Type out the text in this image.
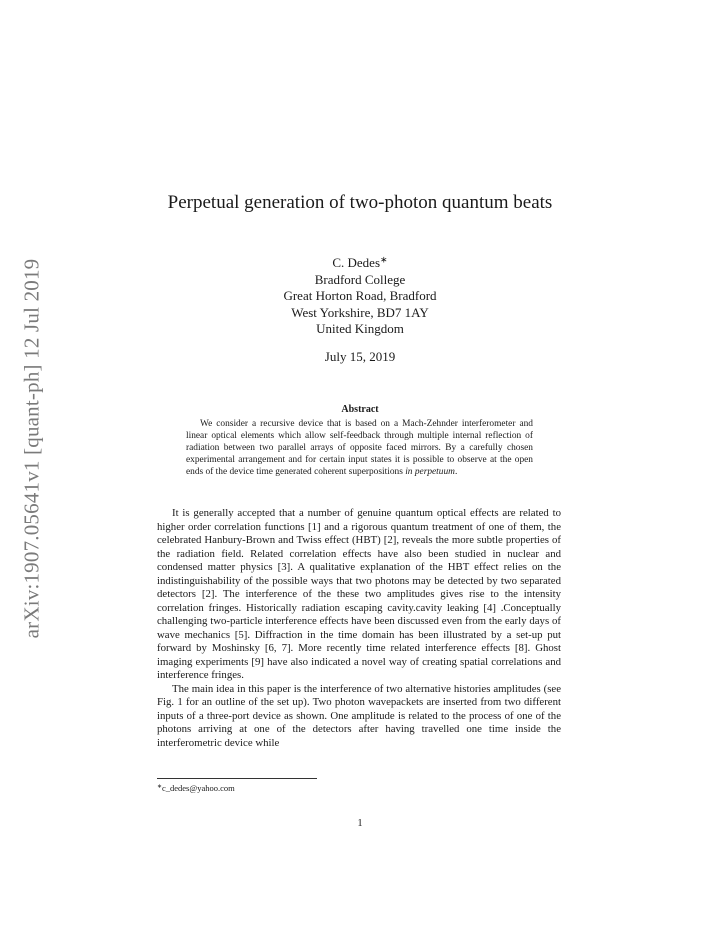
arXiv:1907.05641v1 [quant-ph] 12 Jul 2019
Perpetual generation of two-photon quantum beats
C. Dedes∗
Bradford College
Great Horton Road, Bradford
West Yorkshire, BD7 1AY
United Kingdom
July 15, 2019
Abstract
We consider a recursive device that is based on a Mach-Zehnder interferometer and linear optical elements which allow self-feedback through multiple internal reflection of radiation between two parallel arrays of opposite faced mirrors. By a carefully chosen experimental arrangement and for certain input states it is possible to observe at the open ends of the device time generated coherent superpositions in perpetuum.

It is generally accepted that a number of genuine quantum optical effects are related to higher order correlation functions [1] and a rigorous quantum treatment of one of them, the celebrated Hanbury-Brown and Twiss effect (HBT) [2], reveals the more subtle properties of the radiation field. Related correlation effects have also been studied in nuclear and condensed matter physics [3]. A qualitative explanation of the HBT effect relies on the indistinguishability of the possible ways that two photons may be detected by two separated detectors [2]. The interference of the these two amplitudes gives rise to the intensity correlation fringes. Historically radiation escaping cavity.cavity leaking [4] .Conceptually challenging two-particle interference effects have been discussed even from the early days of wave mechanics [5]. Diffraction in the time domain has been illustrated by a set-up put forward by Moshinsky [6, 7]. More recently time related interference effects [8]. Ghost imaging experiments [9] have also indicated a novel way of creating spatial correlations and interference fringes.

The main idea in this paper is the interference of two alternative histories amplitudes (see Fig. 1 for an outline of the set up). Two photon wavepackets are inserted from two different inputs of a three-port device as shown. One amplitude is related to the process of one of the photons arriving at one of the detectors after having travelled one time inside the interferometric device while

∗c_dedes@yahoo.com
1
